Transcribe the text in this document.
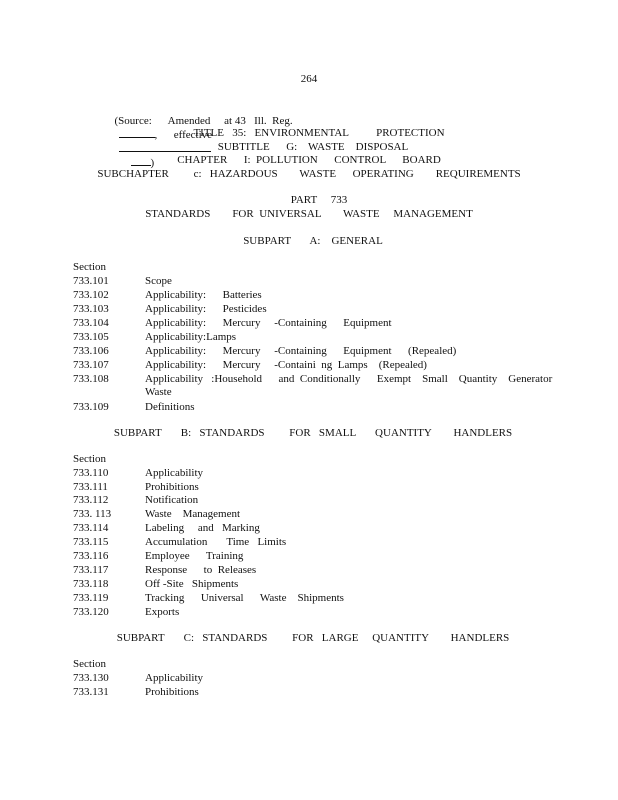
264

(Source:      Amended     at 43   Ill.  Reg.
,      effective

)

TITLE   35:   ENVIRONMENTAL          PROTECTION
SUBTITLE      G:    WASTE    DISPOSAL
CHAPTER      I:  POLLUTION      CONTROL      BOARD
SUBCHAPTER         c:   HAZARDOUS        WASTE      OPERATING        REQUIREMENTS
PART     733
STANDARDS        FOR  UNIVERSAL        WASTE     MANAGEMENT
SUBPART       A:    GENERAL
Section
733.101	Scope
733.102	Applicability:      Batteries
733.103	Applicability:      Pesticides
733.104	Applicability:      Mercury     -Containing      Equipment
733.105	Applicability:Lamps
733.106	Applicability:      Mercury     -Containing      Equipment      (Repealed)
733.107	Applicability:      Mercury     -Containi  ng  Lamps    (Repealed)
733.108	Applicability   :Household      and  Conditionally      Exempt    Small    Quantity    Generator
Waste
733.109	Definitions
SUBPART       B:   STANDARDS         FOR   SMALL       QUANTITY        HANDLERS
Section
733.110	Applicability
733.111	Prohibitions
733.112	Notification
733. 113	Waste    Management
733.114	Labeling     and   Marking
733.115	Accumulation       Time   Limits
733.116	Employee      Training
733.117	Response      to  Releases
733.118	Off -Site   Shipments
733.119	Tracking      Universal      Waste    Shipments
733.120	Exports
SUBPART       C:   STANDARDS         FOR   LARGE     QUANTITY        HANDLERS
Section
733.130	Applicability
733.131	Prohibitions
